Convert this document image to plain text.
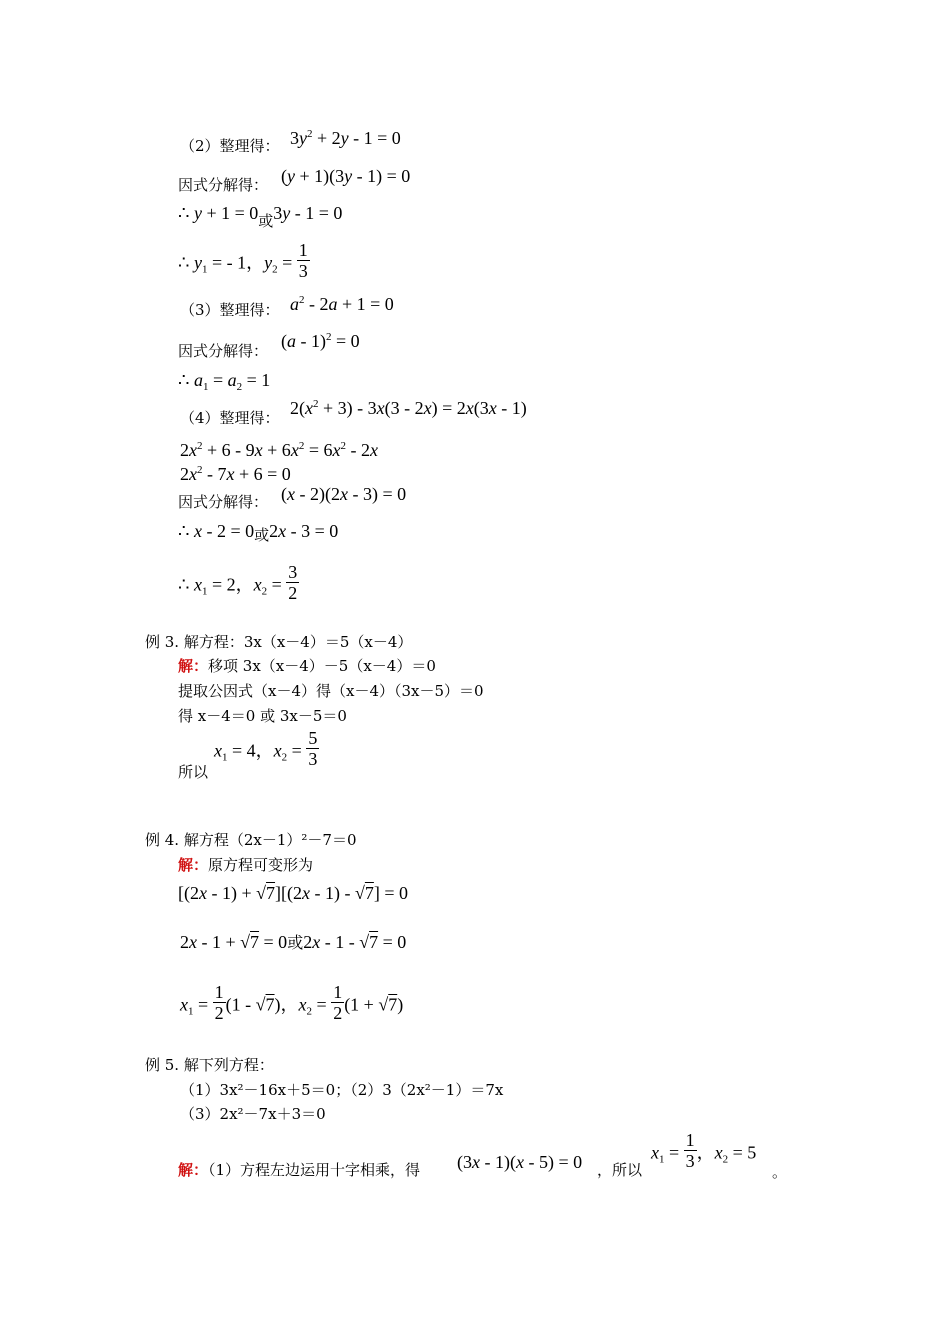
（2）整理得： $3y^2 + 2y - 1 = 0$
因式分解得： (y + 1)(3y - 1) = 0
∴ $y + 1 = 0_或3y - 1 = 0$
∴ $y_1$ = - 1，$y_2 = \frac{1}{3}$
（3）整理得： $a^2 - 2a + 1 = 0$
因式分解得： (a - 1)$^2$ = 0
∴ $a_1 = a_2 = 1$
（4）整理得： $2(x^2 + 3) - 3x(3 - 2x) = 2x(3x - 1)$
$2x^2 + 6 - 9x + 6x^2 = 6x^2 - 2x$
$2x^2 - 7x + 6 = 0$
因式分解得： (x - 2)(2x - 3) = 0
∴ x - 2 = 0或2x - 3 = 0
∴ $x_1 = 2$，$x_2 = \frac{3}{2}$
例 3. 解方程：3x（x－4）＝5（x－4）
解：移项 3x（x－4）－5（x－4）＝0
提取公因式（x－4）得（x－4）（3x－5）＝0
得 x－4＝0 或 3x－5＝0
$x_1 = 4$，$x_2 = \frac{5}{3}$
所以
例 4. 解方程（2x－1）²－7＝0
解：原方程可变形为
[(2x - 1) + √7][(2x - 1) - √7] = 0
2x - 1 + √7 = 0或2x - 1 - √7 = 0
$x_1 = \frac{1}{2} (1 - √7)$，$x_2 = \frac{1}{2} (1 + √7)$
例 5. 解下列方程：
（1）3x²－16x＋5＝0；（2）3（2x²－1）＝7x
（3）2x²－7x＋3＝0
解：（1）方程左边运用十字相乘，得 (3x - 1)(x - 5) = 0 ，所以
$x_1 = \frac{1}{3}$ ，$x_2 = 5$
。
